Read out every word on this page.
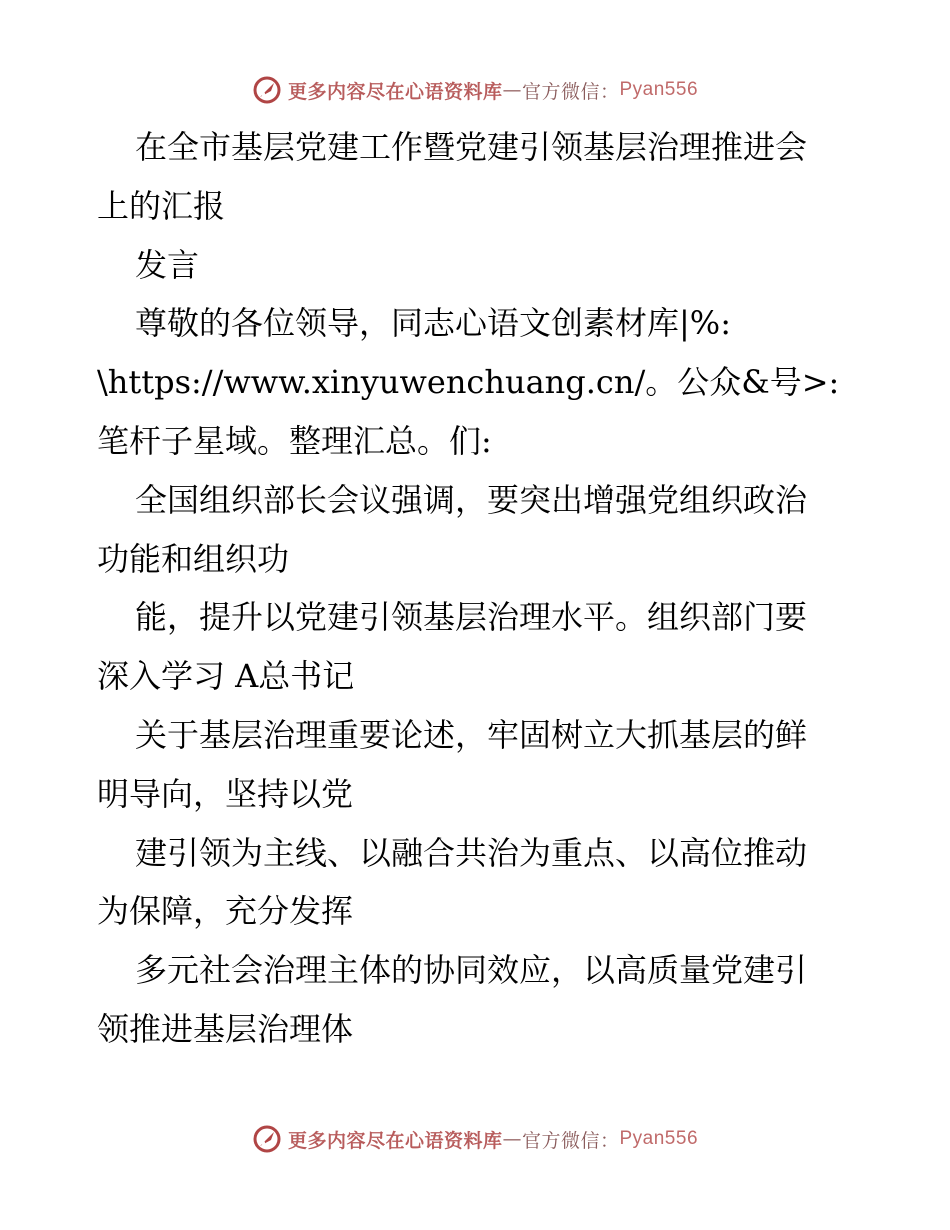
更多内容尽在心语资料库 — 官方微信： Pyan556
在全市基层党建工作暨党建引领基层治理推进会
上的汇报
发言
尊敬的各位领导，同志心语文创素材库|%:
\https://www.xinyuwenchuang.cn/。公众&号>:
笔杆子星域。整理汇总。们:
全国组织部长会议强调，要突出增强党组织政治
功能和组织功
能，提升以党建引领基层治理水平。组织部门要
深入学习 A总书记
关于基层治理重要论述，牢固树立大抓基层的鲜
明导向，坚持以党
建引领为主线、以融合共治为重点、以高位推动
为保障，充分发挥
多元社会治理主体的协同效应，以高质量党建引
领推进基层治理体
更多内容尽在心语资料库 — 官方微信： Pyan556
